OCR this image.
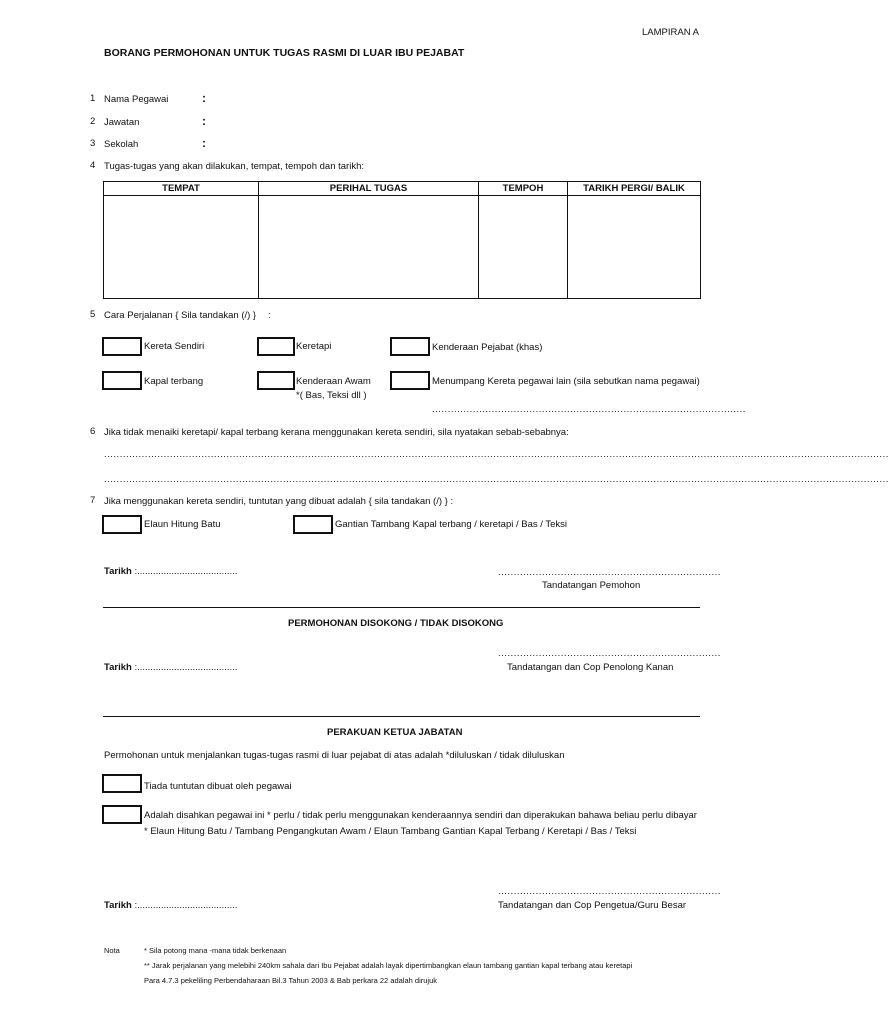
LAMPIRAN A
BORANG PERMOHONAN UNTUK TUGAS RASMI DI LUAR IBU PEJABAT
1 Nama Pegawai	:
2 Jawatan	:
3 Sekolah	:
4 Tugas-tugas yang akan dilakukan, tempat, tempoh dan tarikh:
TEMPAT	PERIHAL TUGAS	TEMPOH	TARIKH PERGI/ BALIK

5 Cara Perjalanan { Sila tandakan (/) } :
Kereta Sendiri	Keretapi	Kenderaan Pejabat (khas)
Kapal terbang	Kenderaan Awam
*( Bas, Teksi dll )
Menumpang Kereta pegawai lain (sila sebutkan nama pegawai)
....................................................................................................
6 Jika tidak menaiki keretapi/ kapal terbang kerana menggunakan kereta sendiri, sila nyatakan sebab-sebabnya:
..........................................................................................................................................................................................................................................................
..........................................................................................................................................................................................................................................................
7 Jika menggunakan kereta sendiri, tuntutan yang dibuat adalah { sila tandakan (/) } :
Elaun Hitung Batu	Gantian Tambang Kapal terbang / keretapi / Bas / Teksi
Tarikh :......................................	.......................................................................
Tandatangan Pemohon
PERMOHONAN DISOKONG / TIDAK DISOKONG
.......................................................................
Tarikh :......................................	Tandatangan dan Cop Penolong Kanan
PERAKUAN KETUA JABATAN
Permohonan untuk menjalankan tugas-tugas rasmi di luar pejabat di atas adalah *diluluskan / tidak diluluskan
Tiada tuntutan dibuat oleh pegawai
Adalah disahkan pegawai ini * perlu / tidak perlu menggunakan kenderaannya sendiri dan diperakukan bahawa beliau perlu dibayar
* Elaun Hitung Batu / Tambang Pengangkutan Awam / Elaun Tambang Gantian Kapal Terbang / Keretapi / Bas / Teksi
.......................................................................
Tarikh :......................................	Tandatangan dan Cop Pengetua/Guru Besar
Nota	* Sila potong mana -mana tidak berkenaan
** Jarak perjalanan yang melebihi 240km sahala dari Ibu Pejabat adalah layak dipertimbangkan elaun tambang gantian kapal terbang atau keretapi
Para 4.7.3 pekeliling Perbendaharaan Bil.3 Tahun 2003 & Bab perkara 22 adalah dirujuk
